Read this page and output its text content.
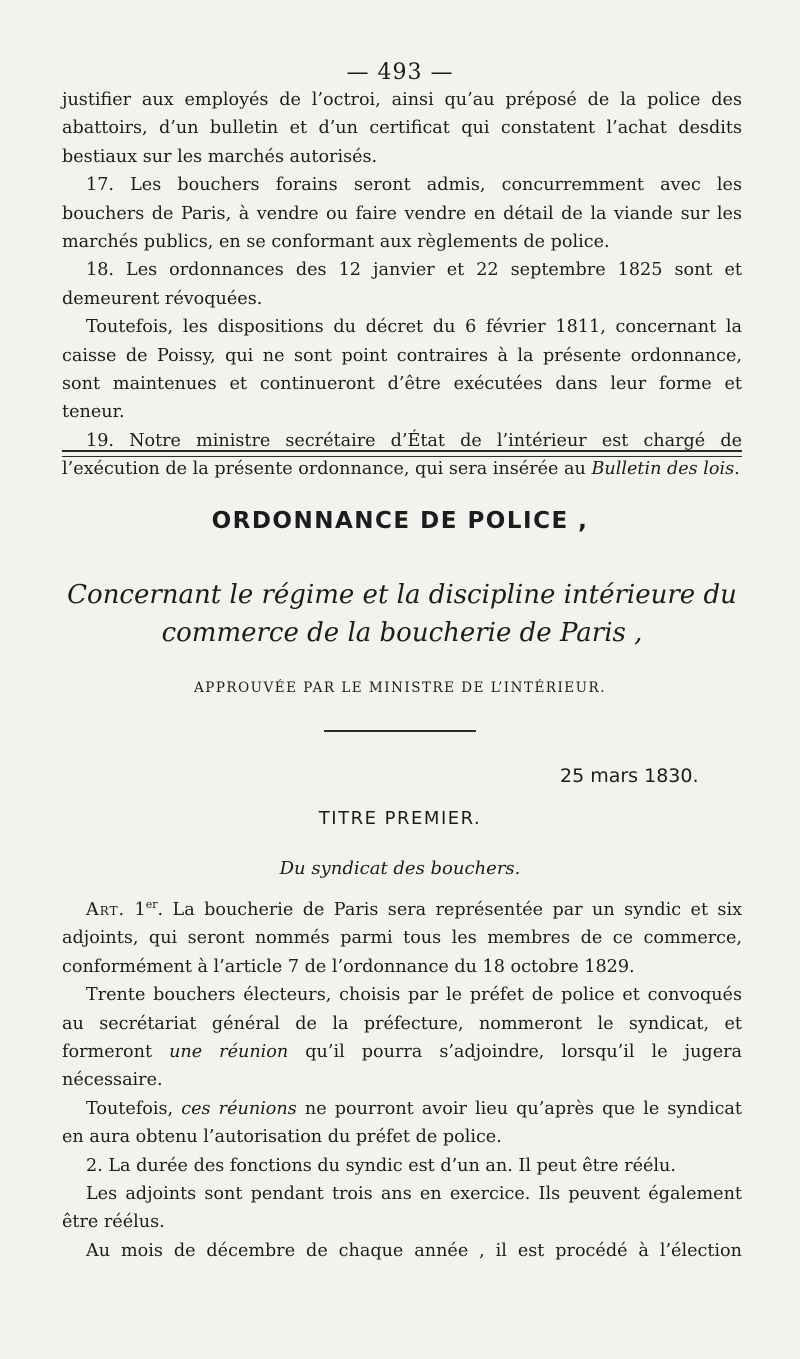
— 493 —

justifier aux employés de l’octroi, ainsi qu’au préposé de la police des abattoirs, d’un bulletin et d’un certificat qui constatent l’achat desdits bestiaux sur les marchés autorisés.

17. Les bouchers forains seront admis, concurremment avec les bouchers de Paris, à vendre ou faire vendre en détail de la viande sur les marchés publics, en se conformant aux règlements de police.

18. Les ordonnances des 12 janvier et 22 septembre 1825 sont et demeurent révoquées.

Toutefois, les dispositions du décret du 6 février 1811, concernant la caisse de Poissy, qui ne sont point contraires à la présente ordonnance, sont maintenues et continueront d’être exécutées dans leur forme et teneur.

19. Notre ministre secrétaire d’État de l’intérieur est chargé de l’exécution de la présente ordonnance, qui sera insérée au Bulletin des lois.

ORDONNANCE DE POLICE ,
Concernant le régime et la discipline intérieure du commerce de la boucherie de Paris ,
APPROUVÉE PAR LE MINISTRE DE L’INTÉRIEUR.
25 mars 1830.
TITRE PREMIER.
Du syndicat des bouchers.

Art. 1er. La boucherie de Paris sera représentée par un syndic et six adjoints, qui seront nommés parmi tous les membres de ce commerce, conformément à l’article 7 de l’ordonnance du 18 octobre 1829.

Trente bouchers électeurs, choisis par le préfet de police et convoqués au secrétariat général de la préfecture, nommeront le syndicat, et formeront une réunion qu’il pourra s’adjoindre, lorsqu’il le jugera nécessaire.

Toutefois, ces réunions ne pourront avoir lieu qu’après que le syndicat en aura obtenu l’autorisation du préfet de police.

2. La durée des fonctions du syndic est d’un an. Il peut être réélu.

Les adjoints sont pendant trois ans en exercice. Ils peuvent également être réélus.

Au mois de décembre de chaque année , il est procédé à l’élection
